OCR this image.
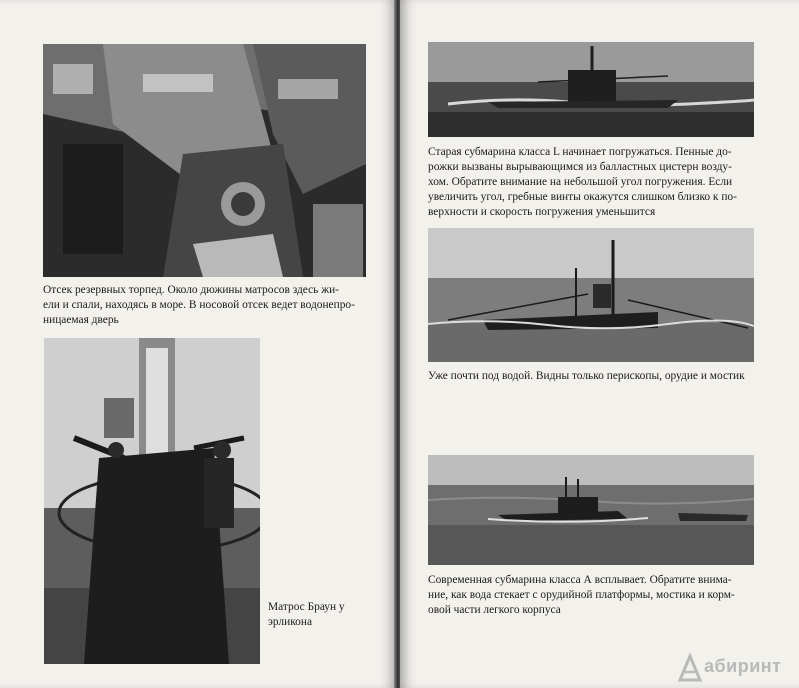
Отсек резервных торпед. Около дюжины матросов здесь жи-
ели и спали, находясь в море. В носовой отсек ведет водонепро-
ницаемая дверь
Матрос Браун у
эрликона
Старая субмарина класса L начинает погружаться. Пенные до-
рожки вызваны вырывающимся из балластных цистерн возду-
хом. Обратите внимание на небольшой угол погружения. Если
увеличить угол, гребные винты окажутся слишком близко к по-
верхности и скорость погружения уменьшится
Уже почти под водой. Видны только перископы, орудие и мостик
Современная субмарина класса А всплывает. Обратите внима-
ние, как вода стекает с орудийной платформы, мостика и корм-
овой части легкого корпуса
абиринт
